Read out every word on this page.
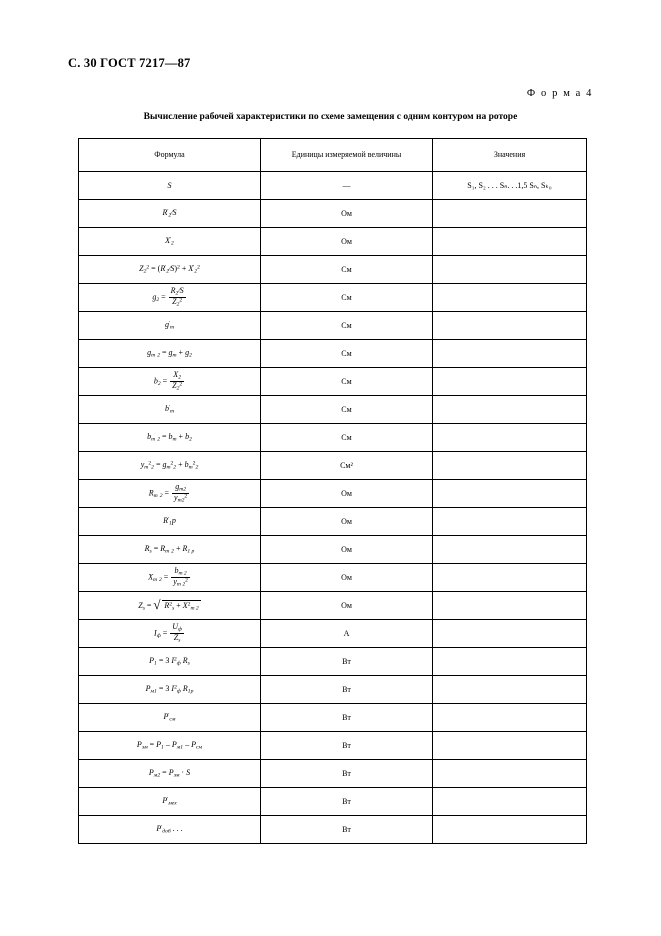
С. 30 ГОСТ 7217—87
Ф о р м а 4
Вычисление рабочей характеристики по схеме замещения с одним контуром на роторе
Формула	Единицы измеряемой величины	Значения

S	—	S₁, S₂ . . . Sₙ. . .1,5 Sₙ, Sₖ₀

$R'_2∕S$	Ом	

$X'_2$	Ом	

$Z_2^2$ = $(R'_2∕S)^2 + X'_2^2$	См	

$g_2 = \frac{R_2∕S}{Z_2^2}$	См	

$g'_m$	См	

$g_m$ $_2 = g_m + g_2$	См	

$b_2 = \frac{X_2}{Z_2^2}$	См	

$b'_m$	См	

$b_m$ $_2 = b_m + b_2$	См	

$y_m^2_2 = g_m^2_2 + b_m^2_2$	См²	

$R_m$ $_2 = \frac{g_{m2}}{y_{m2}^2}$	Ом	

$R'_1р$	Ом	

$R_s = R_m$ $_2 + R_{1 р}$	Ом	

$X_m$ $_2 = \frac{b_{m 2}}{y_{m 2}^2}$	Ом	

$Z_s$ = √ $R^2_s + X^2_{m 2}$	Ом	

$I_ф = \frac{U_ф}{Z_s}$	А	

$P_1 = 3$ $I^2_ф$ $R_s$	Вт	

$P_{м1} = 3$ $I^2_ф$ $R_{1р}$	Вт	

$P'_{см}$	Вт	

$P_{эм} = P_1 - P_{м1} - P_{см}$	Вт	

$P_{м2} = P_{эм} \cdot S$	Вт	

$P'_{мех}$	Вт	

$P'_{доб}$ . . .	Вт	
